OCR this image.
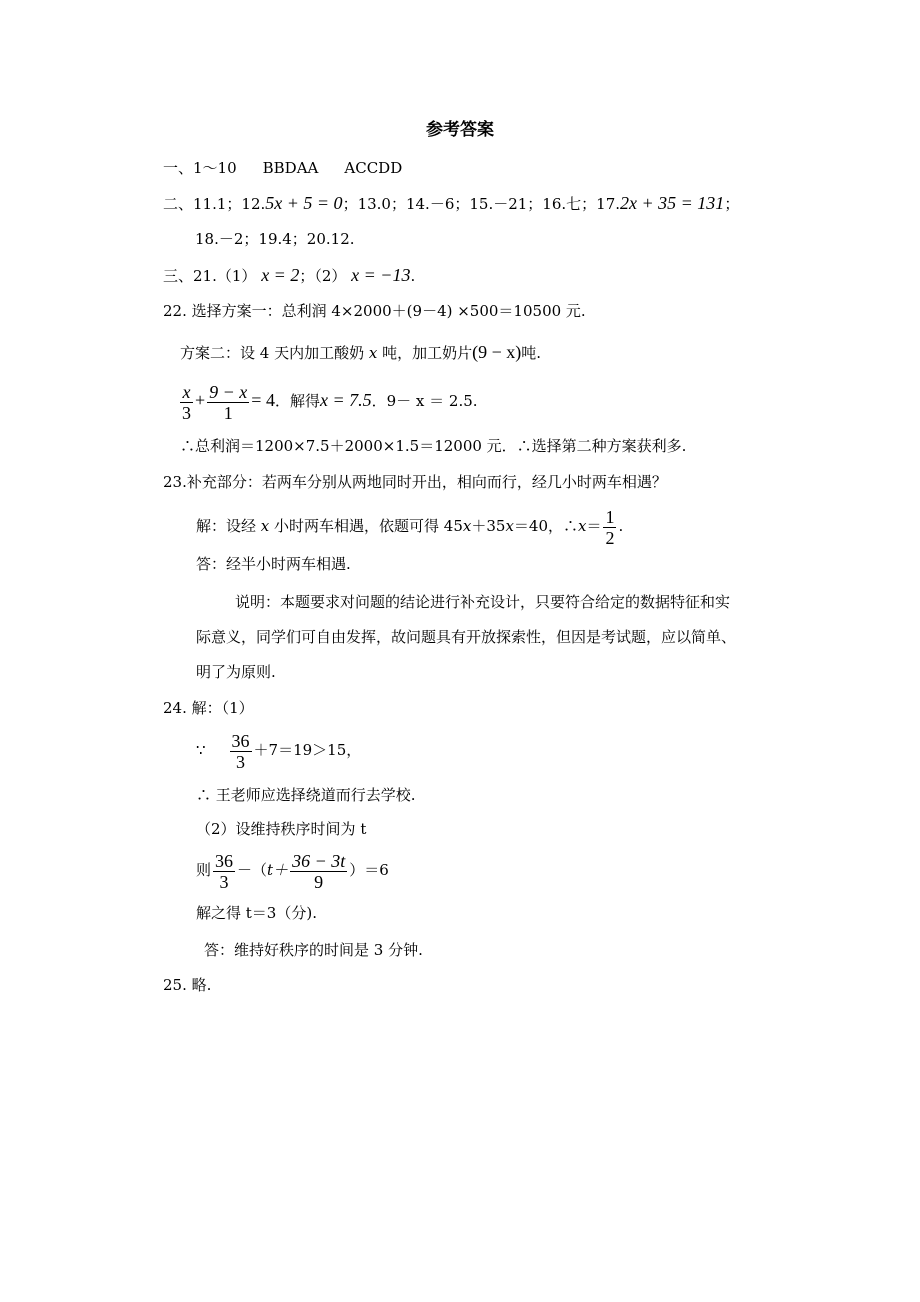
参考答案
一、1～10 BBDAA ACCDD
二、11.1；12.5x + 5 = 0；13.0；14.－6；15.－21；16.七；17.2x + 35 = 131；
18.－2；19.4；20.12.
三、21.（1） x = 2；（2） x = −13.
22. 选择方案一：总利润 4×2000＋(9－4) ×500＝10500 元.
方案二：设 4 天内加工酸奶 x 吨，加工奶片(9 − x)吨.
$\frac{x}{3} + \frac{9 - x}{1} = 4$．解得x = 7.5．9－ x ＝ 2.5.
∴总利润＝1200×7.5＋2000×1.5＝12000 元．∴选择第二种方案获利多.
23.补充部分：若两车分别从两地同时开出，相向而行，经几小时两车相遇？
解：设经 x 小时两车相遇，依题可得 45x＋35x＝40，∴x＝ $\frac{1}{2}$ .
答：经半小时两车相遇.
说明：本题要求对问题的结论进行补充设计，只要符合给定的数据特征和实
际意义，同学们可自由发挥，故问题具有开放探索性，但因是考试题，应以简单、
明了为原则.
24. 解：（1）
∵ $\frac{36}{3} +7=19>15$，
∴ 王老师应选择绕道而行去学校.
（2）设维持秩序时间为 t
则 $\frac{36}{3} -(t+ \frac{36 - 3t}{9} )=6$
解之得 t＝3（分).
答：维持好秩序的时间是 3 分钟.
25. 略.
